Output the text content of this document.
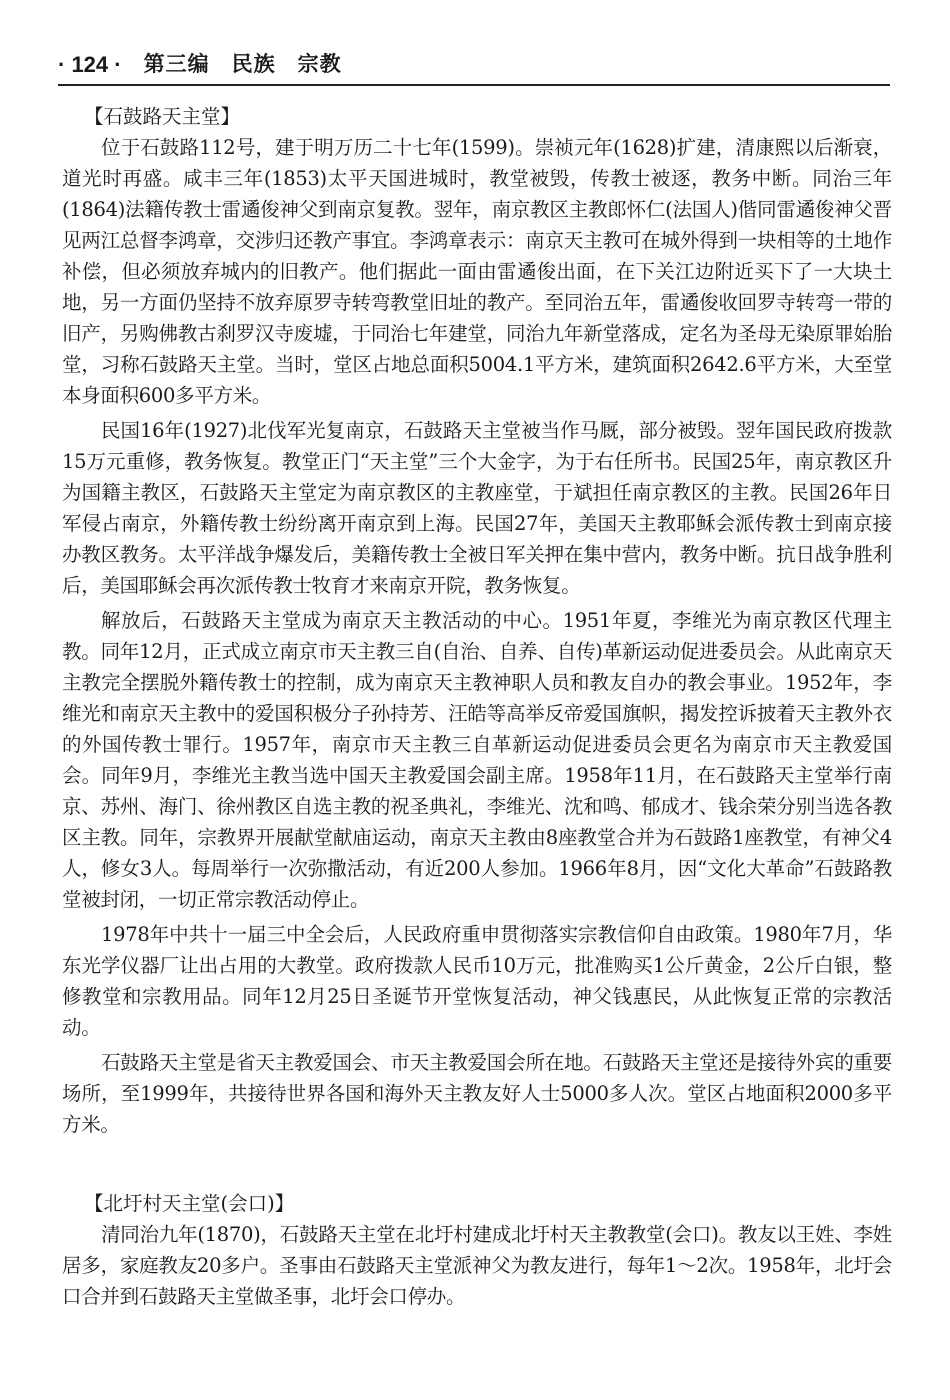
· 124 · 第三编　民族　宗教
【石鼓路天主堂】

位于石鼓路112号，建于明万历二十七年(1599)。崇祯元年(1628)扩建，清康熙以后渐衰，道光时再盛。咸丰三年(1853)太平天国进城时，教堂被毁，传教士被逐，教务中断。同治三年(1864)法籍传教士雷遹俊神父到南京复教。翌年，南京教区主教郎怀仁(法国人)偕同雷遹俊神父晋见两江总督李鸿章，交涉归还教产事宜。李鸿章表示：南京天主教可在城外得到一块相等的土地作补偿，但必须放弃城内的旧教产。他们据此一面由雷遹俊出面，在下关江边附近买下了一大块土地，另一方面仍坚持不放弃原罗寺转弯教堂旧址的教产。至同治五年，雷遹俊收回罗寺转弯一带的旧产，另购佛教古刹罗汉寺废墟，于同治七年建堂，同治九年新堂落成，定名为圣母无染原罪始胎堂，习称石鼓路天主堂。当时，堂区占地总面积5004.1平方米，建筑面积2642.6平方米，大至堂本身面积600多平方米。

民国16年(1927)北伐军光复南京，石鼓路天主堂被当作马厩，部分被毁。翌年国民政府拨款15万元重修，教务恢复。教堂正门“天主堂”三个大金字，为于右任所书。民国25年，南京教区升为国籍主教区，石鼓路天主堂定为南京教区的主教座堂，于斌担任南京教区的主教。民国26年日军侵占南京，外籍传教士纷纷离开南京到上海。民国27年，美国天主教耶稣会派传教士到南京接办教区教务。太平洋战争爆发后，美籍传教士全被日军关押在集中营内，教务中断。抗日战争胜利后，美国耶稣会再次派传教士牧育才来南京开院，教务恢复。

解放后，石鼓路天主堂成为南京天主教活动的中心。1951年夏，李维光为南京教区代理主教。同年12月，正式成立南京市天主教三自(自治、自养、自传)革新运动促进委员会。从此南京天主教完全摆脱外籍传教士的控制，成为南京天主教神职人员和教友自办的教会事业。1952年，李维光和南京天主教中的爱国积极分子孙持芳、汪皓等高举反帝爱国旗帜，揭发控诉披着天主教外衣的外国传教士罪行。1957年，南京市天主教三自革新运动促进委员会更名为南京市天主教爱国会。同年9月，李维光主教当选中国天主教爱国会副主席。1958年11月，在石鼓路天主堂举行南京、苏州、海门、徐州教区自选主教的祝圣典礼，李维光、沈和鸣、郁成才、钱余荣分别当选各教区主教。同年，宗教界开展献堂献庙运动，南京天主教由8座教堂合并为石鼓路1座教堂，有神父4人，修女3人。每周举行一次弥撒活动，有近200人参加。1966年8月，因“文化大革命”石鼓路教堂被封闭，一切正常宗教活动停止。

1978年中共十一届三中全会后，人民政府重申贯彻落实宗教信仰自由政策。1980年7月，华东光学仪器厂让出占用的大教堂。政府拨款人民币10万元，批准购买1公斤黄金，2公斤白银，整修教堂和宗教用品。同年12月25日圣诞节开堂恢复活动，神父钱惠民，从此恢复正常的宗教活动。

石鼓路天主堂是省天主教爱国会、市天主教爱国会所在地。石鼓路天主堂还是接待外宾的重要场所，至1999年，共接待世界各国和海外天主教友好人士5000多人次。堂区占地面积2000多平方米。

【北圩村天主堂(会口)】

清同治九年(1870)，石鼓路天主堂在北圩村建成北圩村天主教教堂(会口)。教友以王姓、李姓居多，家庭教友20多户。圣事由石鼓路天主堂派神父为教友进行，每年1～2次。1958年，北圩会口合并到石鼓路天主堂做圣事，北圩会口停办。
